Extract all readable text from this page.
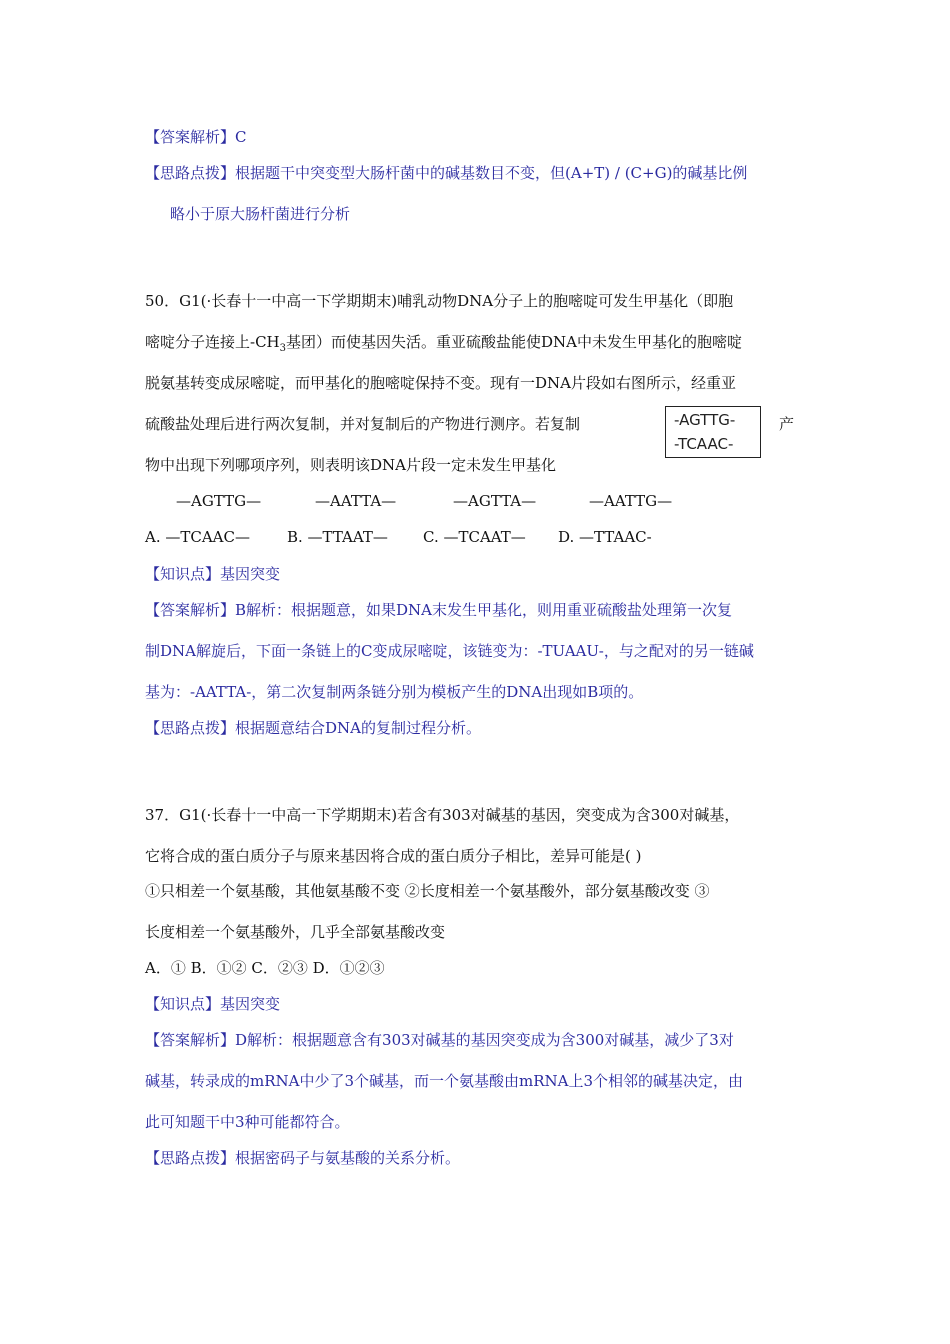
【答案解析】C
【思路点拨】根据题干中突变型大肠杆菌中的碱基数目不变，但(A+T) / (C+G)的碱基比例
略小于原大肠杆菌进行分析
50．G1(·长春十一中高一下学期期末)哺乳动物DNA分子上的胞嘧啶可发生甲基化（即胞
嘧啶分子连接上$-CH_3$基团）而使基因失活。重亚硫酸盐能使DNA中未发生甲基化的胞嘧啶
脱氨基转变成尿嘧啶，而甲基化的胞嘧啶保持不变。现有一DNA片段如右图所示，经重亚
硫酸盐处理后进行两次复制，并对复制后的产物进行测序。若复制	产
-AGTTG-
-TCAAC-
物中出现下列哪项序列，则表明该DNA片段一定未发生甲基化
—AGTTG—
A. —TCAAC—
—AATTA—
B. —TTAAT—
—AGTTA—
C. —TCAAT—
—AATTG—
D. —TTAAC-
【知识点】基因突变
【答案解析】B解析：根据题意，如果DNA末发生甲基化，则用重亚硫酸盐处理第一次复
制DNA解旋后，下面一条链上的C变成尿嘧啶，该链变为：-TUAAU-，与之配对的另一链碱
基为：-AATTA-，第二次复制两条链分别为模板产生的DNA出现如B项的。
【思路点拨】根据题意结合DNA的复制过程分析。
37．G1(·长春十一中高一下学期期末)若含有303对碱基的基因，突变成为含300对碱基，
它将合成的蛋白质分子与原来基因将合成的蛋白质分子相比，差异可能是( )
①只相差一个氨基酸，其他氨基酸不变 ②长度相差一个氨基酸外，部分氨基酸改变 ③
长度相差一个氨基酸外，几乎全部氨基酸改变
A．① B．①② C．②③ D．①②③
【知识点】基因突变
【答案解析】D解析：根据题意含有303对碱基的基因突变成为含300对碱基，减少了3对
碱基，转录成的mRNA中少了3个碱基，而一个氨基酸由mRNA上3个相邻的碱基决定，由
此可知题干中3种可能都符合。
【思路点拨】根据密码子与氨基酸的关系分析。
